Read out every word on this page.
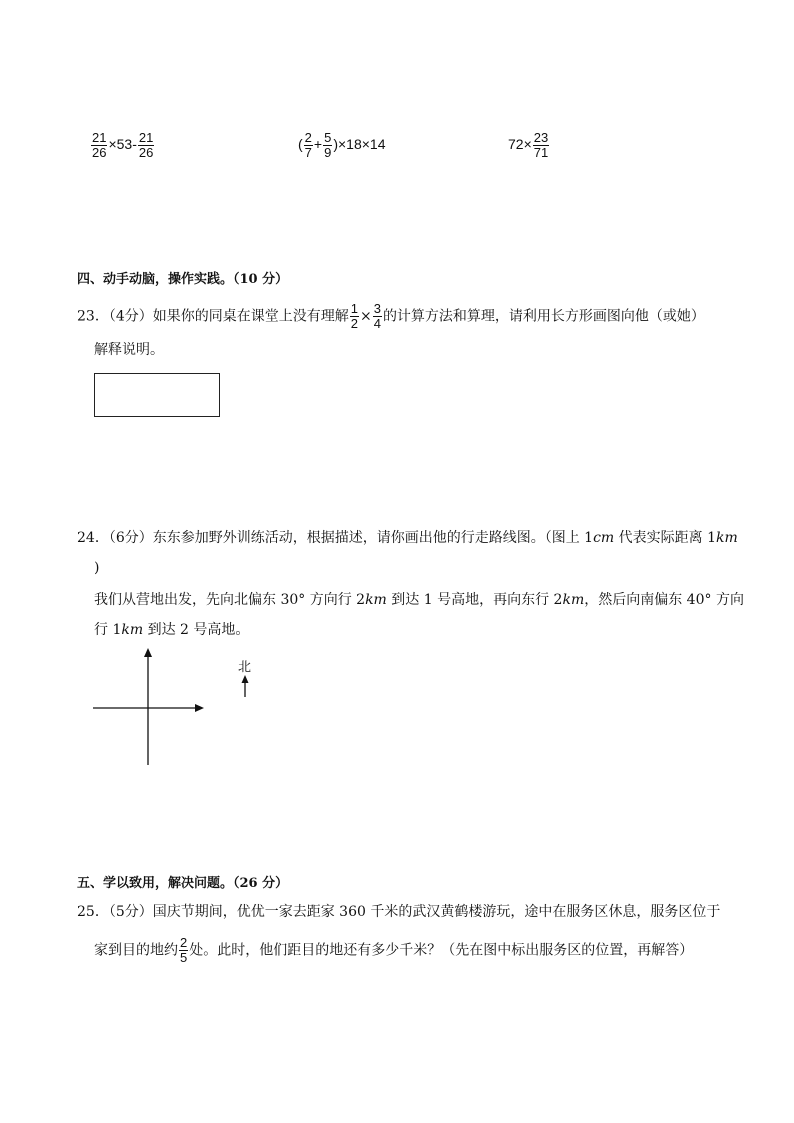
$\frac{21}{26} \times 53- \frac{21}{26}$	( $\frac{2}{7} + \frac{5}{9} )\times 18\times 14$	$72\times \frac{23}{71}$
四、动手动脑，操作实践。（10 分）
23．（4分）如果你的同桌在课堂上没有理解 $\frac{1}{2} \times \frac{3}{4}$ 的计算方法和算理，请利用长方形画图向他（或她）
解释说明。
24．（6分）东东参加野外训练活动，根据描述，请你画出他的行走路线图。（图上 1cm 代表实际距离 1km
)
我们从营地出发，先向北偏东 30° 方向行 2km 到达 1 号高地，再向东行 2km，然后向南偏东 40° 方向
行 1km 到达 2 号高地。
北
五、学以致用，解决问题。（26 分）
25．（5分）国庆节期间，优优一家去距家 360 千米的武汉黄鹤楼游玩，途中在服务区休息，服务区位于
家到目的地约 $\frac{2}{5}$ 处。此时，他们距目的地还有多少千米？（先在图中标出服务区的位置，再解答）
